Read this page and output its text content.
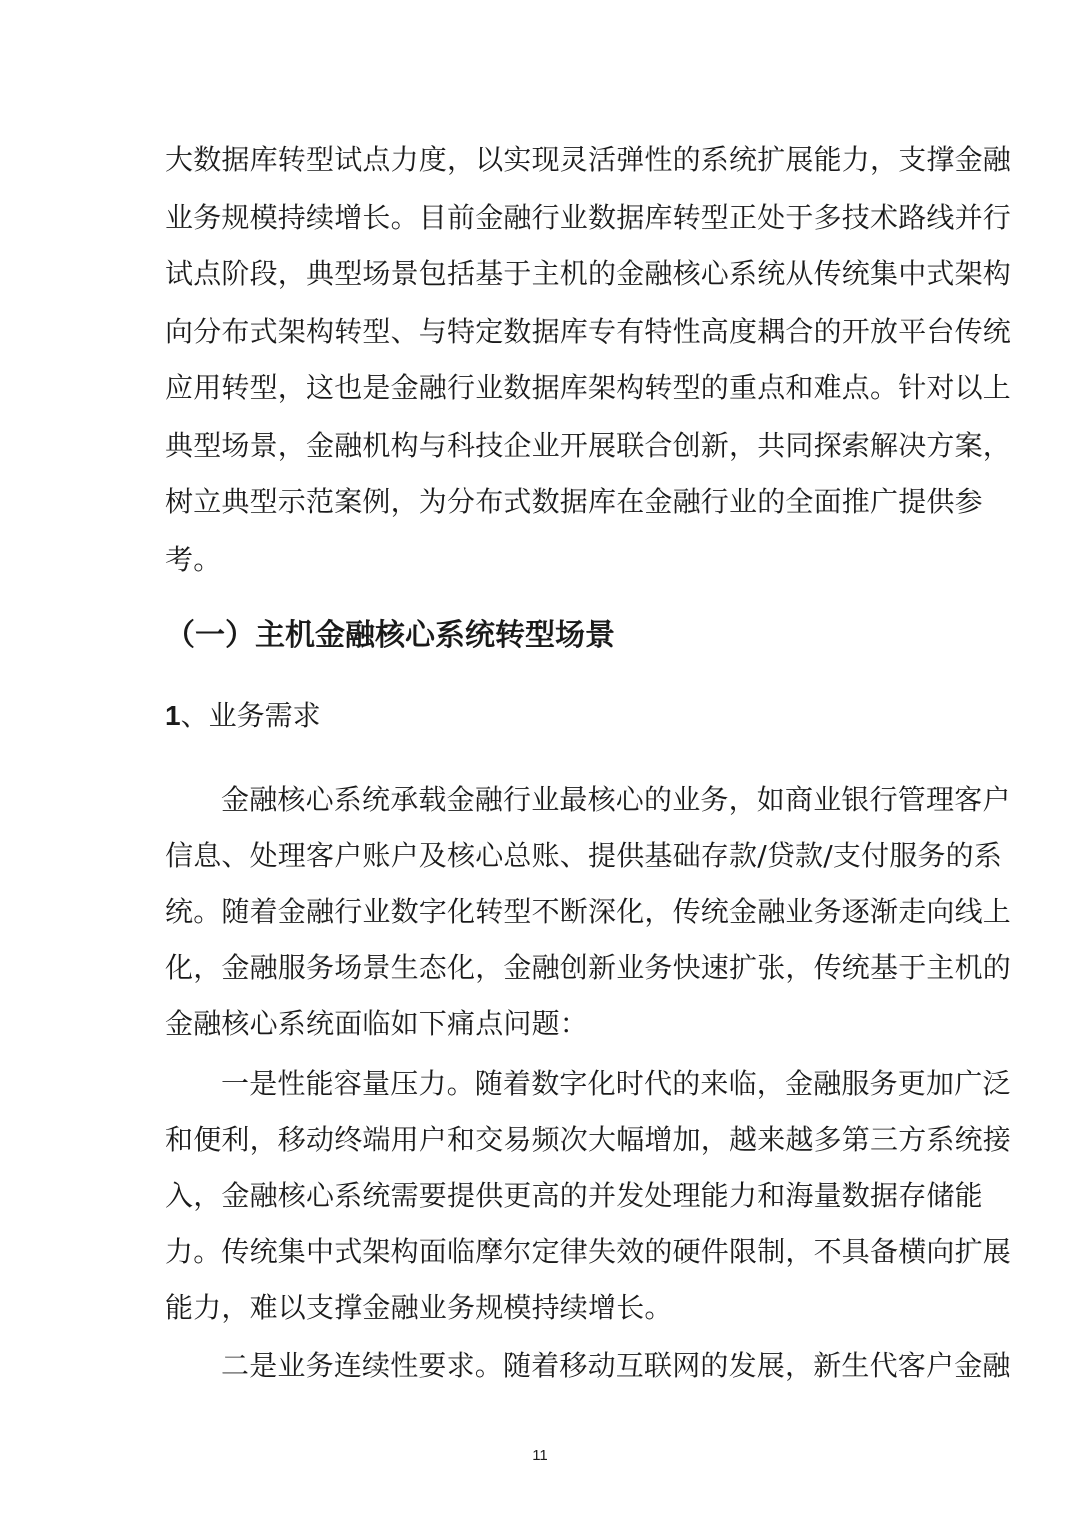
大数据库转型试点力度，以实现灵活弹性的系统扩展能力，支撑金融
业务规模持续增长。目前金融行业数据库转型正处于多技术路线并行
试点阶段，典型场景包括基于主机的金融核心系统从传统集中式架构
向分布式架构转型、与特定数据库专有特性高度耦合的开放平台传统
应用转型，这也是金融行业数据库架构转型的重点和难点。针对以上
典型场景，金融机构与科技企业开展联合创新，共同探索解决方案，
树立典型示范案例，为分布式数据库在金融行业的全面推广提供参
考。
（一）主机金融核心系统转型场景
1、业务需求
金融核心系统承载金融行业最核心的业务，如商业银行管理客户
信息、处理客户账户及核心总账、提供基础存款/贷款/支付服务的系
统。随着金融行业数字化转型不断深化，传统金融业务逐渐走向线上
化，金融服务场景生态化，金融创新业务快速扩张，传统基于主机的
金融核心系统面临如下痛点问题：
一是性能容量压力。随着数字化时代的来临，金融服务更加广泛
和便利，移动终端用户和交易频次大幅增加，越来越多第三方系统接
入，金融核心系统需要提供更高的并发处理能力和海量数据存储能
力。传统集中式架构面临摩尔定律失效的硬件限制，不具备横向扩展
能力，难以支撑金融业务规模持续增长。
二是业务连续性要求。随着移动互联网的发展，新生代客户金融
11
